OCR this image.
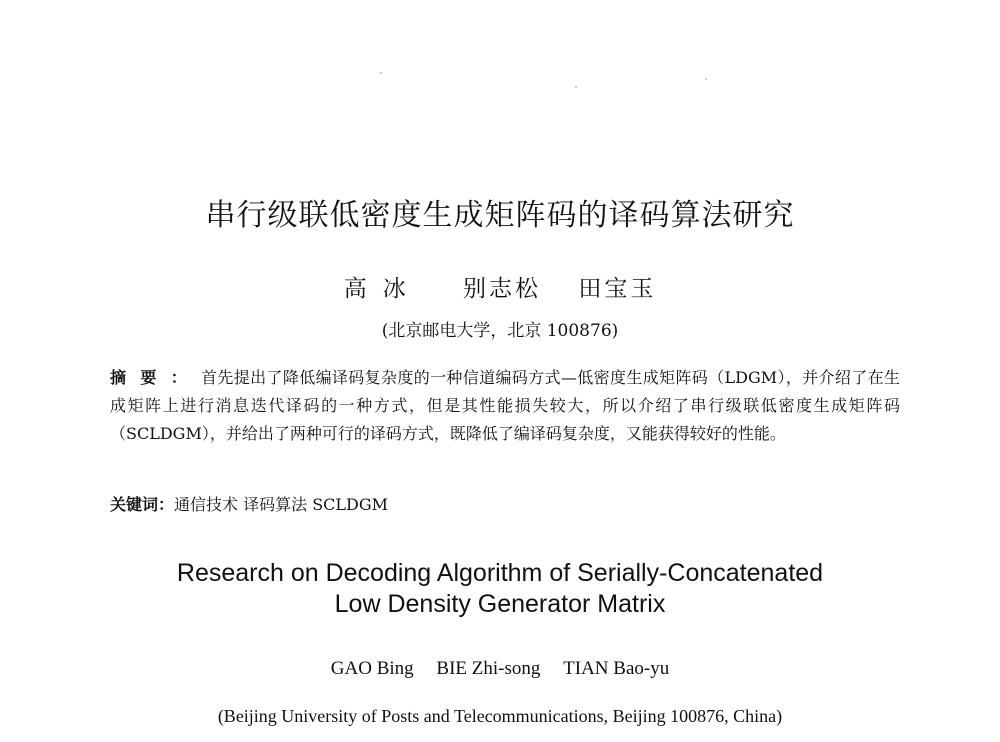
串行级联低密度生成矩阵码的译码算法研究
高冰 别志松 田宝玉
(北京邮电大学，北京 100876)
摘要：首先提出了降低编译码复杂度的一种信道编码方式—低密度生成矩阵码（LDGM），并介绍了在生成矩阵上进行消息迭代译码的一种方式，但是其性能损失较大，所以介绍了串行级联低密度生成矩阵码（SCLDGM），并给出了两种可行的译码方式，既降低了编译码复杂度，又能获得较好的性能。
关键词：通信技术 译码算法 SCLDGM
Research on Decoding Algorithm of Serially-Concatenated
Low Density Generator Matrix
GAO Bing BIE Zhi-song TIAN Bao-yu
(Beijing University of Posts and Telecommunications, Beijing 100876, China)
